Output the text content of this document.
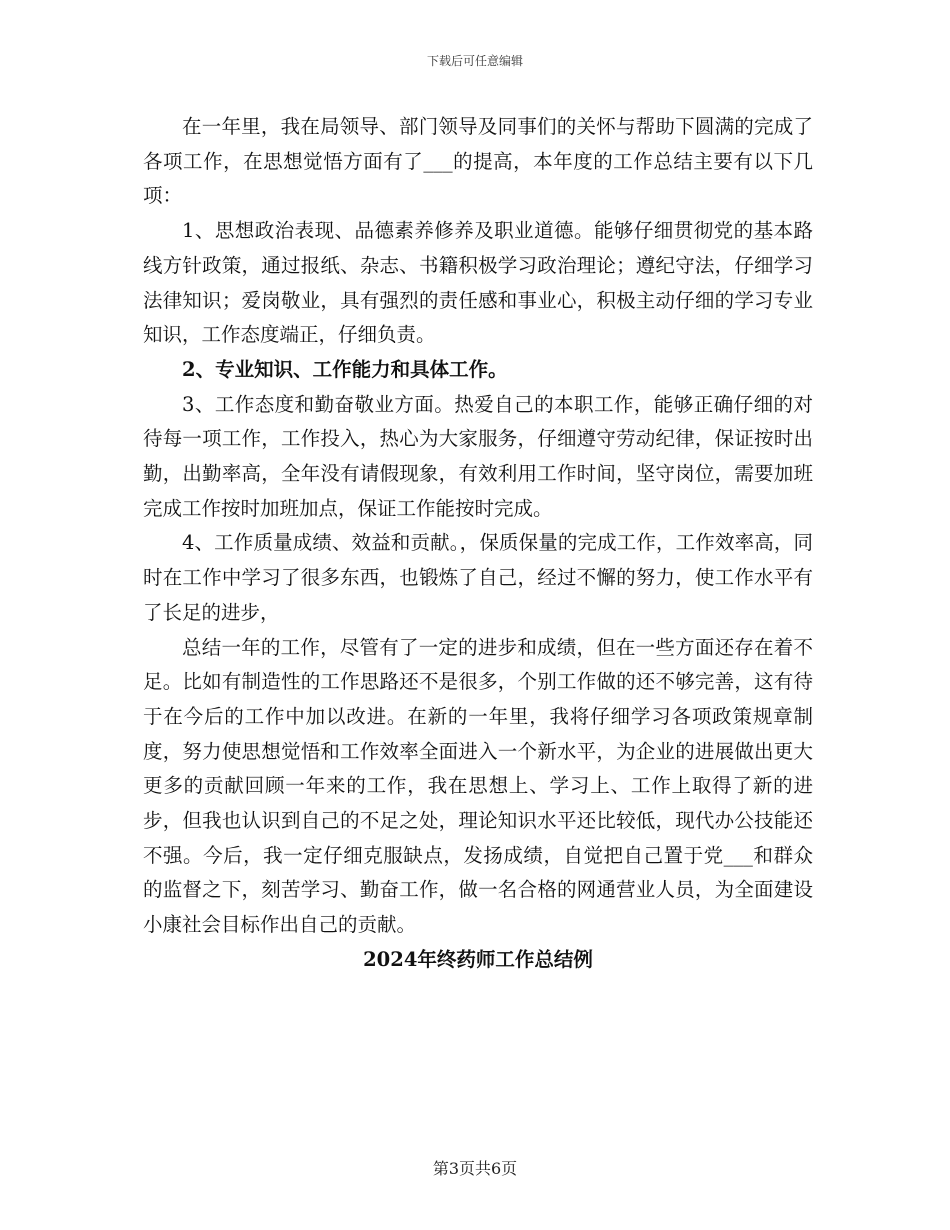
下载后可任意编辑

在一年里，我在局领导、部门领导及同事们的关怀与帮助下圆满的完成了各项工作，在思想觉悟方面有了___的提高，本年度的工作总结主要有以下几项：

1、思想政治表现、品德素养修养及职业道德。能够仔细贯彻党的基本路线方针政策，通过报纸、杂志、书籍积极学习政治理论；遵纪守法，仔细学习法律知识；爱岗敬业，具有强烈的责任感和事业心，积极主动仔细的学习专业知识，工作态度端正，仔细负责。

2、专业知识、工作能力和具体工作。

3、工作态度和勤奋敬业方面。热爱自己的本职工作，能够正确仔细的对待每一项工作，工作投入，热心为大家服务，仔细遵守劳动纪律，保证按时出勤，出勤率高，全年没有请假现象，有效利用工作时间，坚守岗位，需要加班完成工作按时加班加点，保证工作能按时完成。

4、工作质量成绩、效益和贡献。，保质保量的完成工作，工作效率高，同时在工作中学习了很多东西，也锻炼了自己，经过不懈的努力，使工作水平有了长足的进步，

总结一年的工作，尽管有了一定的进步和成绩，但在一些方面还存在着不足。比如有制造性的工作思路还不是很多，个别工作做的还不够完善，这有待于在今后的工作中加以改进。在新的一年里，我将仔细学习各项政策规章制度，努力使思想觉悟和工作效率全面进入一个新水平，为企业的进展做出更大更多的贡献回顾一年来的工作，我在思想上、学习上、工作上取得了新的进步，但我也认识到自己的不足之处，理论知识水平还比较低，现代办公技能还不强。今后，我一定仔细克服缺点，发扬成绩，自觉把自己置于党___和群众的监督之下，刻苦学习、勤奋工作，做一名合格的网通营业人员，为全面建设小康社会目标作出自己的贡献。

2024年终药师工作总结例

第3页共6页
